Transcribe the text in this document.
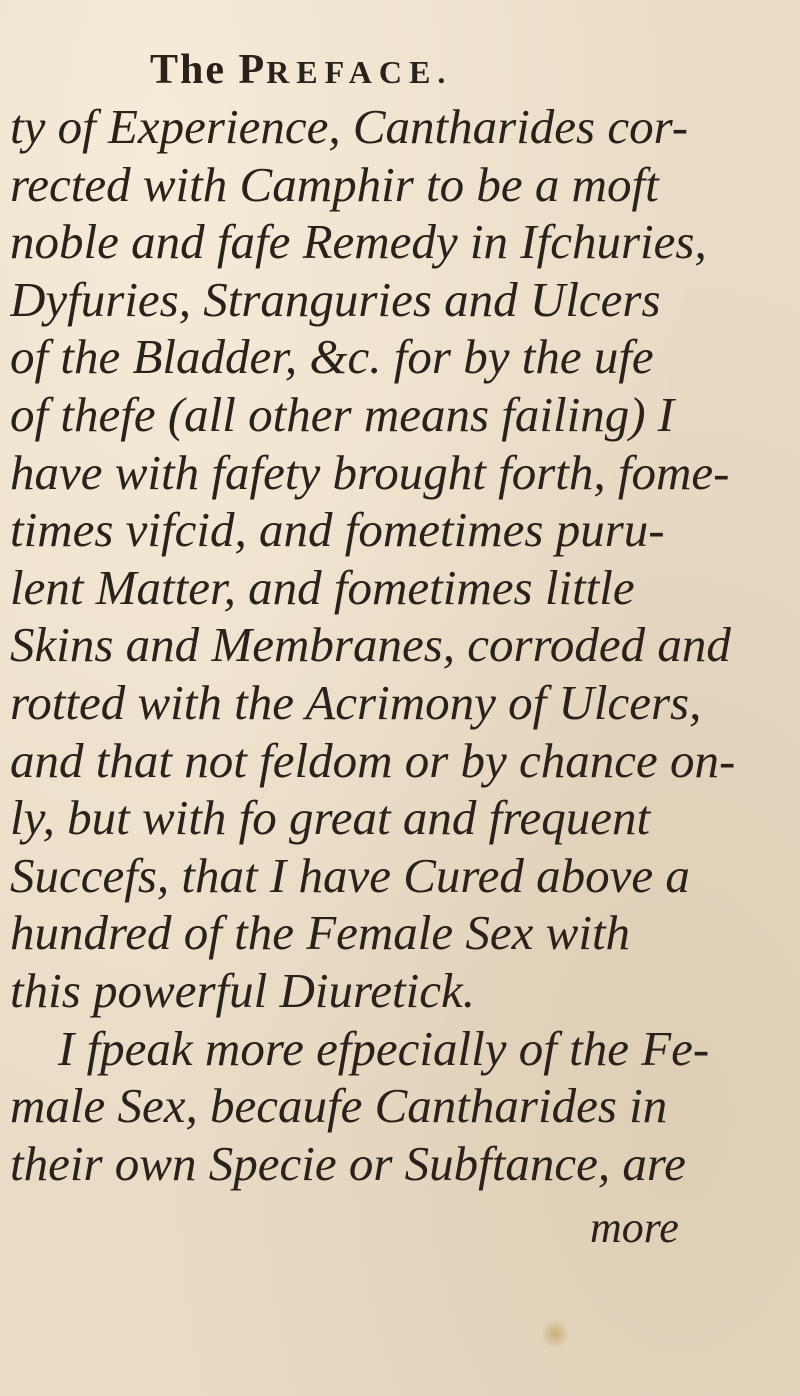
The PREFACE.
ty of Experience, Cantharides cor-
rected with Camphir to be a moft
noble and fafe Remedy in Ifchuries,
Dyfuries, Stranguries and Ulcers
of the Bladder, &c. for by the ufe
of thefe (all other means failing) I
have with fafety brought forth, fome-
times vifcid, and fometimes puru-
lent Matter, and fometimes little
Skins and Membranes, corroded and
rotted with the Acrimony of Ulcers,
and that not feldom or by chance on-
ly, but with fo great and frequent
Succefs, that I have Cured above a
hundred of the Female Sex with
this powerful Diuretick.
I fpeak more efpecially of the Fe-
male Sex, becaufe Cantharides in
their own Specie or Subftance, are
more
